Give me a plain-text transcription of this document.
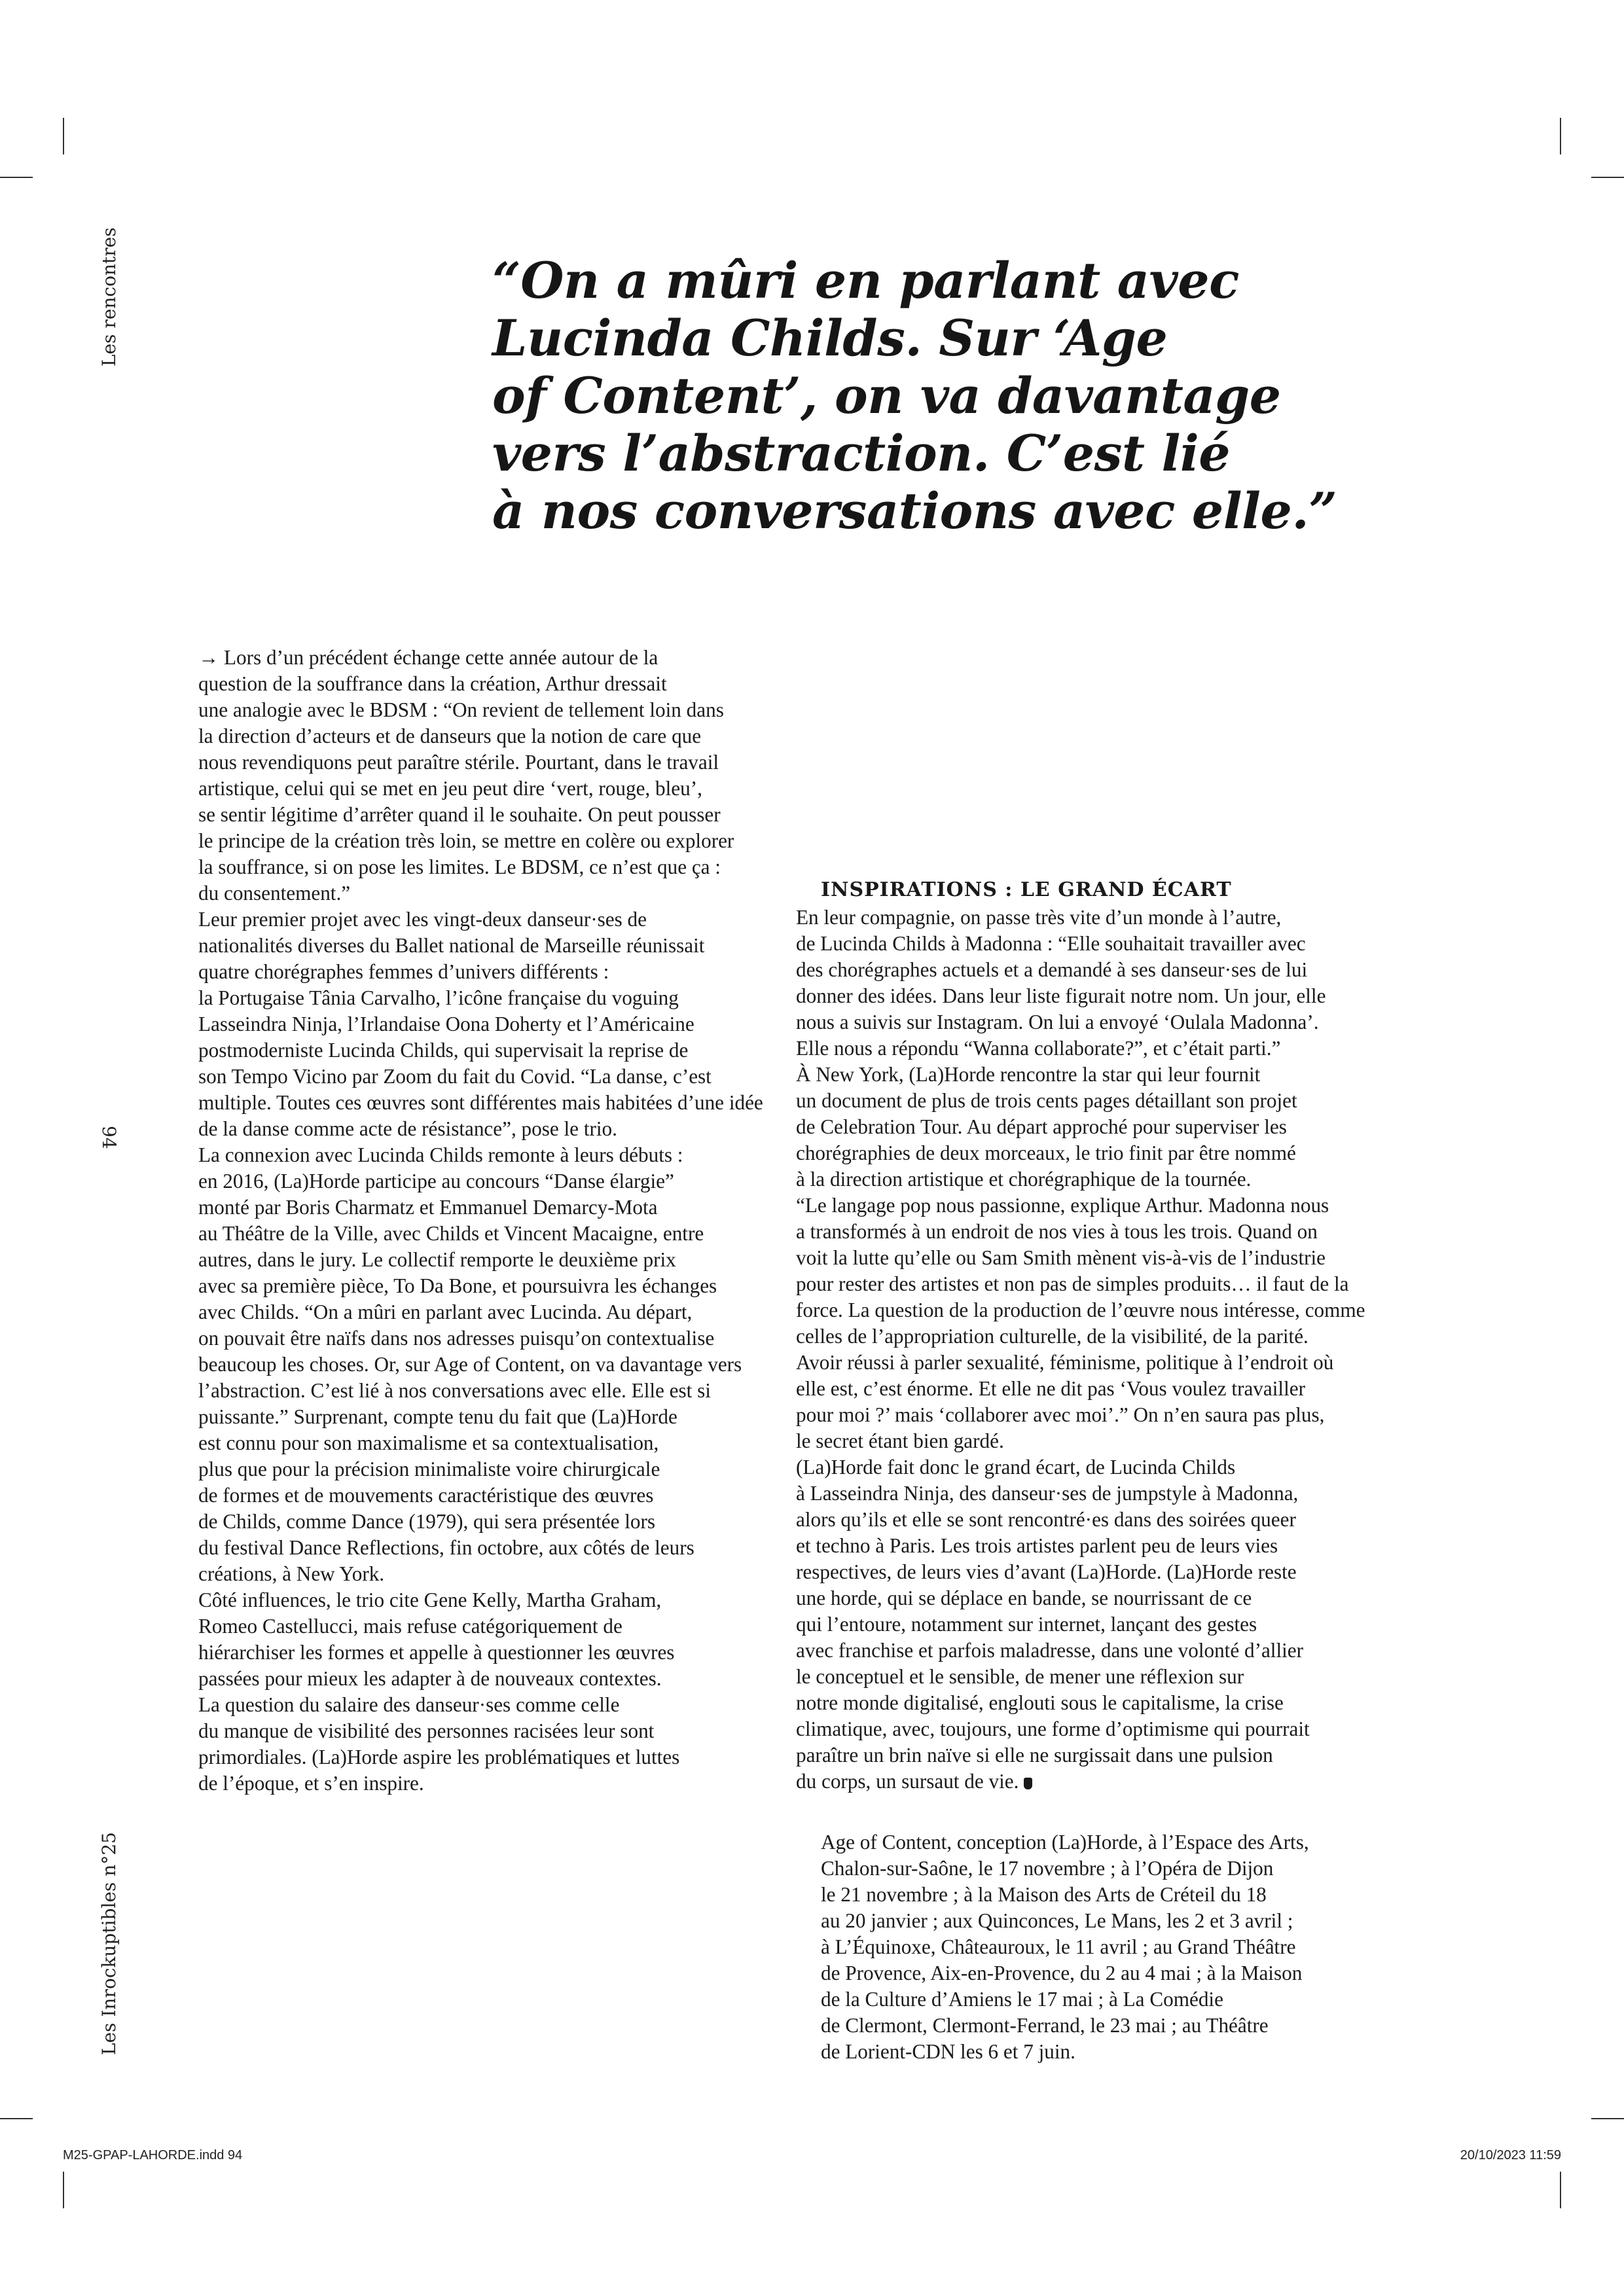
Les rencontres
94
Les Inrockuptibles n°25
“On a mûri en parlant avec
Lucinda Childs. Sur ‘Age
of Content’, on va davantage
vers l’abstraction. C’est lié
à nos conversations avec elle.”
→ Lors d’un précédent échange cette année autour de la
question de la souffrance dans la création, Arthur dressait
une analogie avec le BDSM : “On revient de tellement loin dans
la direction d’acteurs et de danseurs que la notion de care que
nous revendiquons peut paraître stérile. Pourtant, dans le travail
artistique, celui qui se met en jeu peut dire ‘vert, rouge, bleu’,
se sentir légitime d’arrêter quand il le souhaite. On peut pousser
le principe de la création très loin, se mettre en colère ou explorer
la souffrance, si on pose les limites. Le BDSM, ce n’est que ça :
du consentement.”
Leur premier projet avec les vingt-deux danseur·ses de
nationalités diverses du Ballet national de Marseille réunissait
quatre chorégraphes femmes d’univers différents :
la Portugaise Tânia Carvalho, l’icône française du voguing
Lasseindra Ninja, l’Irlandaise Oona Doherty et l’Américaine
postmoderniste Lucinda Childs, qui supervisait la reprise de
son Tempo Vicino par Zoom du fait du Covid. “La danse, c’est
multiple. Toutes ces œuvres sont différentes mais habitées d’une idée
de la danse comme acte de résistance”, pose le trio.
La connexion avec Lucinda Childs remonte à leurs débuts :
en 2016, (La)Horde participe au concours “Danse élargie”
monté par Boris Charmatz et Emmanuel Demarcy-Mota
au Théâtre de la Ville, avec Childs et Vincent Macaigne, entre
autres, dans le jury. Le collectif remporte le deuxième prix
avec sa première pièce, To Da Bone, et poursuivra les échanges
avec Childs. “On a mûri en parlant avec Lucinda. Au départ,
on pouvait être naïfs dans nos adresses puisqu’on contextualise
beaucoup les choses. Or, sur Age of Content, on va davantage vers
l’abstraction. C’est lié à nos conversations avec elle. Elle est si
puissante.” Surprenant, compte tenu du fait que (La)Horde
est connu pour son maximalisme et sa contextualisation,
plus que pour la précision minimaliste voire chirurgicale
de formes et de mouvements caractéristique des œuvres
de Childs, comme Dance (1979), qui sera présentée lors
du festival Dance Reflections, fin octobre, aux côtés de leurs
créations, à New York.
Côté influences, le trio cite Gene Kelly, Martha Graham,
Romeo Castellucci, mais refuse catégoriquement de
hiérarchiser les formes et appelle à questionner les œuvres
passées pour mieux les adapter à de nouveaux contextes.
La question du salaire des danseur·ses comme celle
du manque de visibilité des personnes racisées leur sont
primordiales. (La)Horde aspire les problématiques et luttes
de l’époque, et s’en inspire.
INSPIRATIONS : LE GRAND ÉCART
En leur compagnie, on passe très vite d’un monde à l’autre,
de Lucinda Childs à Madonna : “Elle souhaitait travailler avec
des chorégraphes actuels et a demandé à ses danseur·ses de lui
donner des idées. Dans leur liste figurait notre nom. Un jour, elle
nous a suivis sur Instagram. On lui a envoyé ‘Oulala Madonna’.
Elle nous a répondu “Wanna collaborate?”, et c’était parti.”
À New York, (La)Horde rencontre la star qui leur fournit
un document de plus de trois cents pages détaillant son projet
de Celebration Tour. Au départ approché pour superviser les
chorégraphies de deux morceaux, le trio finit par être nommé
à la direction artistique et chorégraphique de la tournée.
“Le langage pop nous passionne, explique Arthur. Madonna nous
a transformés à un endroit de nos vies à tous les trois. Quand on
voit la lutte qu’elle ou Sam Smith mènent vis-à-vis de l’industrie
pour rester des artistes et non pas de simples produits… il faut de la
force. La question de la production de l’œuvre nous intéresse, comme
celles de l’appropriation culturelle, de la visibilité, de la parité.
Avoir réussi à parler sexualité, féminisme, politique à l’endroit où
elle est, c’est énorme. Et elle ne dit pas ‘Vous voulez travailler
pour moi ?’ mais ‘collaborer avec moi’.” On n’en saura pas plus,
le secret étant bien gardé.
(La)Horde fait donc le grand écart, de Lucinda Childs
à Lasseindra Ninja, des danseur·ses de jumpstyle à Madonna,
alors qu’ils et elle se sont rencontré·es dans des soirées queer
et techno à Paris. Les trois artistes parlent peu de leurs vies
respectives, de leurs vies d’avant (La)Horde. (La)Horde reste
une horde, qui se déplace en bande, se nourrissant de ce
qui l’entoure, notamment sur internet, lançant des gestes
avec franchise et parfois maladresse, dans une volonté d’allier
le conceptuel et le sensible, de mener une réflexion sur
notre monde digitalisé, englouti sous le capitalisme, la crise
climatique, avec, toujours, une forme d’optimisme qui pourrait
paraître un brin naïve si elle ne surgissait dans une pulsion
du corps, un sursaut de vie.
Age of Content, conception (La)Horde, à l’Espace des Arts,
Chalon-sur-Saône, le 17 novembre ; à l’Opéra de Dijon
le 21 novembre ; à la Maison des Arts de Créteil du 18
au 20 janvier ; aux Quinconces, Le Mans, les 2 et 3 avril ;
à L’Équinoxe, Châteauroux, le 11 avril ; au Grand Théâtre
de Provence, Aix-en-Provence, du 2 au 4 mai ; à la Maison
de la Culture d’Amiens le 17 mai ; à La Comédie
de Clermont, Clermont-Ferrand, le 23 mai ; au Théâtre
de Lorient-CDN les 6 et 7 juin.
M25-GPAP-LAHORDE.indd 94	20/10/2023 11:59
